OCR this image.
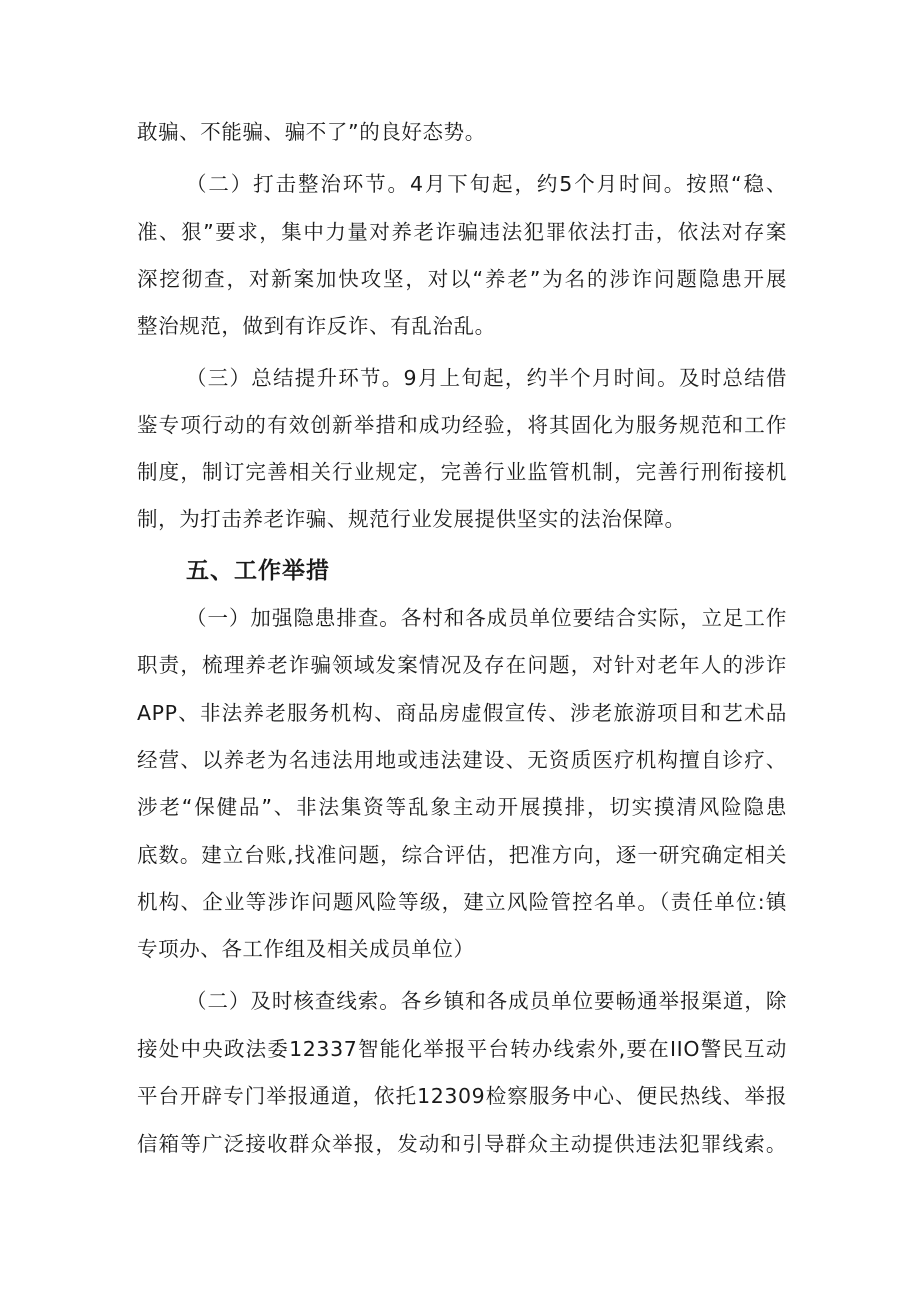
敢骗、不能骗、骗不了”的良好态势。
（二）打击整治环节。4月下旬起，约5个月时间。按照“稳、
准、狠”要求，集中力量对养老诈骗违法犯罪依法打击，依法对存案
深挖彻查，对新案加快攻坚，对以“养老”为名的涉诈问题隐患开展
整治规范，做到有诈反诈、有乱治乱。
（三）总结提升环节。9月上旬起，约半个月时间。及时总结借
鉴专项行动的有效创新举措和成功经验，将其固化为服务规范和工作
制度，制订完善相关行业规定，完善行业监管机制，完善行刑衔接机
制，为打击养老诈骗、规范行业发展提供坚实的法治保障。
五、工作举措
（一）加强隐患排查。各村和各成员单位要结合实际，立足工作
职责，梳理养老诈骗领域发案情况及存在问题，对针对老年人的涉诈
APP、非法养老服务机构、商品房虚假宣传、涉老旅游项目和艺术品
经营、以养老为名违法用地或违法建设、无资质医疗机构擅自诊疗、
涉老“保健品”、非法集资等乱象主动开展摸排，切实摸清风险隐患
底数。建立台账,找准问题，综合评估，把准方向，逐一研究确定相关
机构、企业等涉诈问题风险等级，建立风险管控名单。（责任单位:镇
专项办、各工作组及相关成员单位）
（二）及时核查线索。各乡镇和各成员单位要畅通举报渠道，除
接处中央政法委12337智能化举报平台转办线索外,要在IIO警民互动
平台开辟专门举报通道，依托12309检察服务中心、便民热线、举报
信箱等广泛接收群众举报，发动和引导群众主动提供违法犯罪线索。
